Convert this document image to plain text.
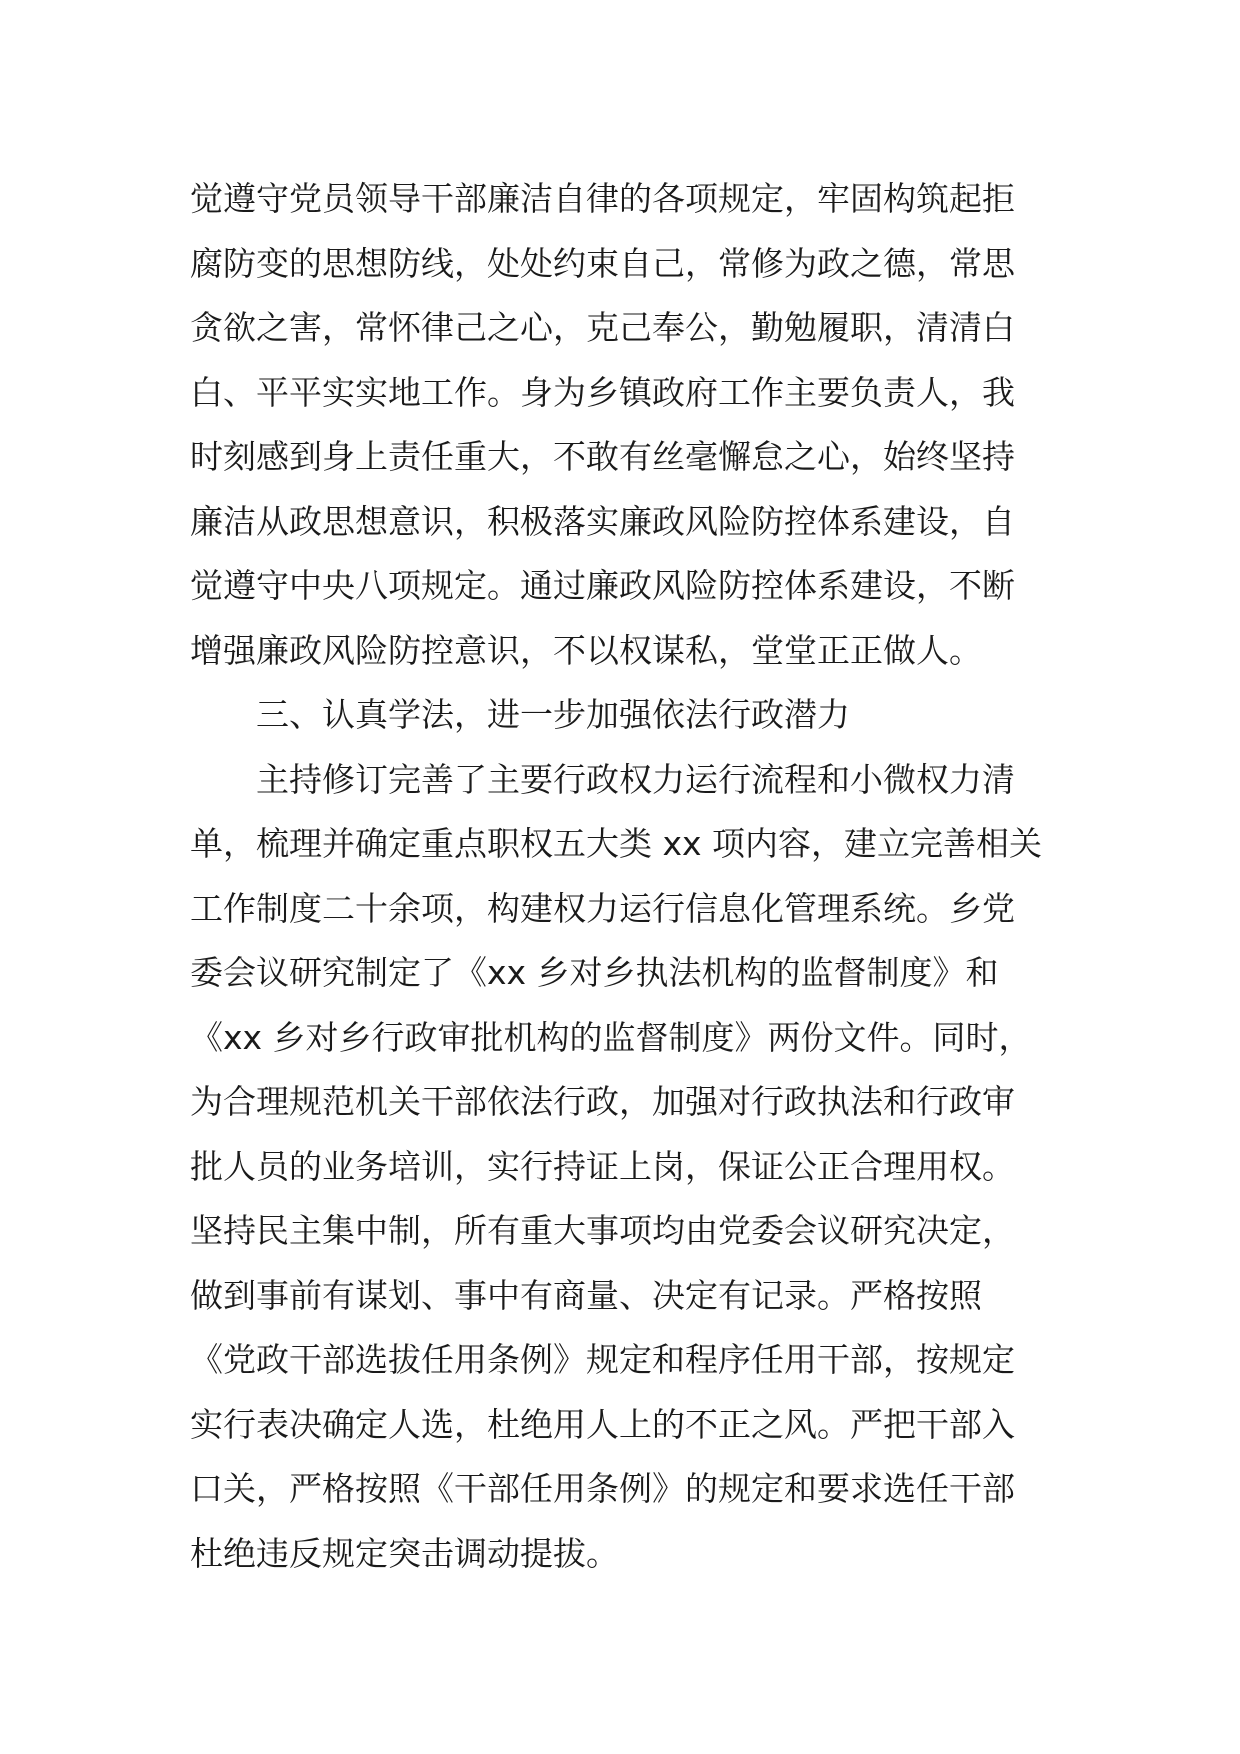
觉遵守党员领导干部廉洁自律的各项规定，牢固构筑起拒
腐防变的思想防线，处处约束自己，常修为政之德，常思
贪欲之害，常怀律己之心，克己奉公，勤勉履职，清清白
白、平平实实地工作。身为乡镇政府工作主要负责人，我
时刻感到身上责任重大，不敢有丝毫懈怠之心，始终坚持
廉洁从政思想意识，积极落实廉政风险防控体系建设，自
觉遵守中央八项规定。通过廉政风险防控体系建设，不断
增强廉政风险防控意识，不以权谋私，堂堂正正做人。
三、认真学法，进一步加强依法行政潜力
主持修订完善了主要行政权力运行流程和小微权力清
单，梳理并确定重点职权五大类 xx 项内容，建立完善相关
工作制度二十余项，构建权力运行信息化管理系统。乡党
委会议研究制定了《xx 乡对乡执法机构的监督制度》和
《xx 乡对乡行政审批机构的监督制度》两份文件。同时，
为合理规范机关干部依法行政，加强对行政执法和行政审
批人员的业务培训，实行持证上岗，保证公正合理用权。
坚持民主集中制，所有重大事项均由党委会议研究决定，
做到事前有谋划、事中有商量、决定有记录。严格按照
《党政干部选拔任用条例》规定和程序任用干部，按规定
实行表决确定人选，杜绝用人上的不正之风。严把干部入
口关，严格按照《干部任用条例》的规定和要求选任干部
杜绝违反规定突击调动提拔。
